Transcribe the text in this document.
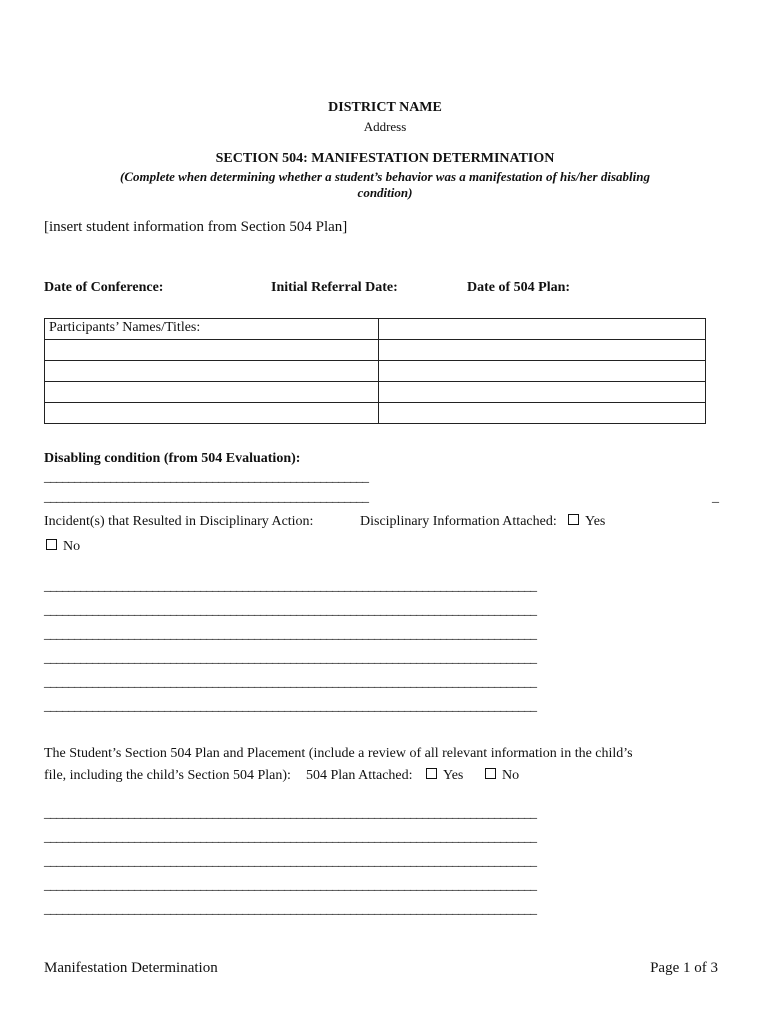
DISTRICT NAME
Address
SECTION 504: MANIFESTATION DETERMINATION
(Complete when determining whether a student’s behavior was a manifestation of his/her disabling
condition)
[insert student information from Section 504 Plan]
Date of Conference:	Initial Referral Date:	Date of 504 Plan:
Participants’ Names/Titles:	

Disabling condition (from 504 Evaluation):
______________________________________________________
______________________________________________________	_
Incident(s) that Resulted in Disciplinary Action:	Disciplinary Information Attached:	Yes
No
__________________________________________________________________________________
__________________________________________________________________________________
__________________________________________________________________________________
__________________________________________________________________________________
__________________________________________________________________________________
__________________________________________________________________________________
The Student’s Section 504 Plan and Placement (include a review of all relevant information in the child’s
file, including the child’s Section 504 Plan): 504 Plan Attached:	Yes	No
__________________________________________________________________________________
__________________________________________________________________________________
__________________________________________________________________________________
__________________________________________________________________________________
__________________________________________________________________________________
Manifestation Determination	Page 1 of 3
